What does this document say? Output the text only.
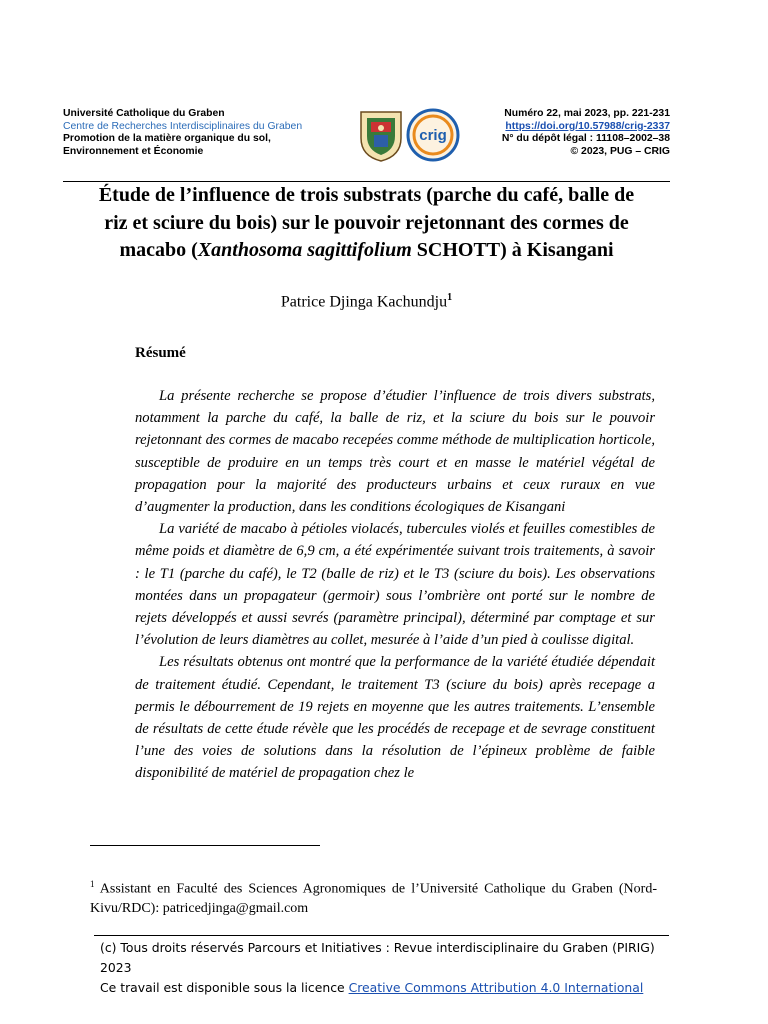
Université Catholique du Graben
Centre de Recherches Interdisciplinaires du Graben
Promotion de la matière organique du sol,
Environnement et Économie
crig
Numéro 22, mai 2023, pp. 221-231
https://doi.org/10.57988/crig-2337
N° du dépôt légal : 11108–2002–38
© 2023, PUG – CRIG
Étude de l’influence de trois substrats (parche du café, balle de
riz et sciure du bois) sur le pouvoir rejetonnant des cormes de
macabo (Xanthosoma sagittifolium SCHOTT) à Kisangani
Patrice Djinga Kachundju$^1$
Résumé

La présente recherche se propose d’étudier l’influence de trois divers substrats, notamment la parche du café, la balle de riz, et la sciure du bois sur le pouvoir rejetonnant des cormes de macabo recepées comme méthode de multiplication horticole, susceptible de produire en un temps très court et en masse le matériel végétal de propagation pour la majorité des producteurs urbains et ceux ruraux en vue d’augmenter la production, dans les conditions écologiques de Kisangani

La variété de macabo à pétioles violacés, tubercules violés et feuilles comestibles de même poids et diamètre de 6,9 cm, a été expérimentée suivant trois traitements, à savoir : le T1 (parche du café), le T2 (balle de riz) et le T3 (sciure du bois). Les observations montées dans un propagateur (germoir) sous l’ombrière ont porté sur le nombre de rejets développés et aussi sevrés (paramètre principal), déterminé par comptage et sur l’évolution de leurs diamètres au collet, mesurée à l’aide d’un pied à coulisse digital.

Les résultats obtenus ont montré que la performance de la variété étudiée dépendait de traitement étudié. Cependant, le traitement T3 (sciure du bois) après recepage a permis le débourrement de 19 rejets en moyenne que les autres traitements. L’ensemble de résultats de cette étude révèle que les procédés de recepage et de sevrage constituent l’une des voies de solutions dans la résolution de l’épineux problème de faible disponibilité de matériel de propagation chez le

$^1$ Assistant en Faculté des Sciences Agronomiques de l’Université Catholique du Graben (Nord-Kivu/RDC): patricedjinga@gmail.com
(c) Tous droits réservés Parcours et Initiatives : Revue interdisciplinaire du Graben (PIRIG) 2023
Ce travail est disponible sous la licence Creative Commons Attribution 4.0 International
